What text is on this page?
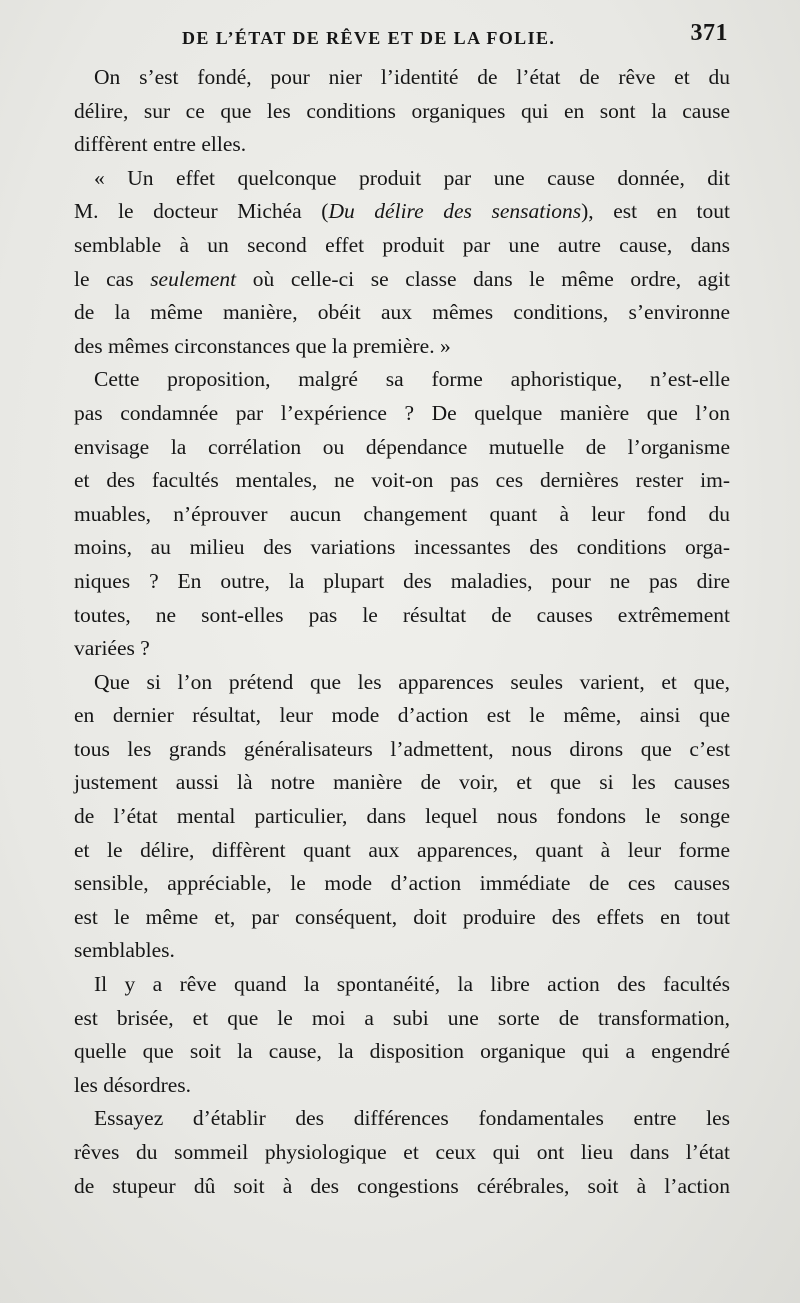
DE L’ÉTAT DE RÊVE ET DE LA FOLIE.	371
On s’est fondé, pour nier l’identité de l’état de rêve et du
délire, sur ce que les conditions organiques qui en sont la cause
diffèrent entre elles.
« Un effet quelconque produit par une cause donnée, dit
M. le docteur Michéa (Du délire des sensations), est en tout
semblable à un second effet produit par une autre cause, dans
le cas seulement où celle-ci se classe dans le même ordre, agit
de la même manière, obéit aux mêmes conditions, s’environne
des mêmes circonstances que la première. »
Cette proposition, malgré sa forme aphoristique, n’est-elle
pas condamnée par l’expérience ? De quelque manière que l’on
envisage la corrélation ou dépendance mutuelle de l’organisme
et des facultés mentales, ne voit-on pas ces dernières rester im-
muables, n’éprouver aucun changement quant à leur fond du
moins, au milieu des variations incessantes des conditions orga-
niques ? En outre, la plupart des maladies, pour ne pas dire
toutes, ne sont-elles pas le résultat de causes extrêmement
variées ?
Que si l’on prétend que les apparences seules varient, et que,
en dernier résultat, leur mode d’action est le même, ainsi que
tous les grands généralisateurs l’admettent, nous dirons que c’est
justement aussi là notre manière de voir, et que si les causes
de l’état mental particulier, dans lequel nous fondons le songe
et le délire, diffèrent quant aux apparences, quant à leur forme
sensible, appréciable, le mode d’action immédiate de ces causes
est le même et, par conséquent, doit produire des effets en tout
semblables.
Il y a rêve quand la spontanéité, la libre action des facultés
est brisée, et que le moi a subi une sorte de transformation,
quelle que soit la cause, la disposition organique qui a engendré
les désordres.
Essayez d’établir des différences fondamentales entre les
rêves du sommeil physiologique et ceux qui ont lieu dans l’état
de stupeur dû soit à des congestions cérébrales, soit à l’action
